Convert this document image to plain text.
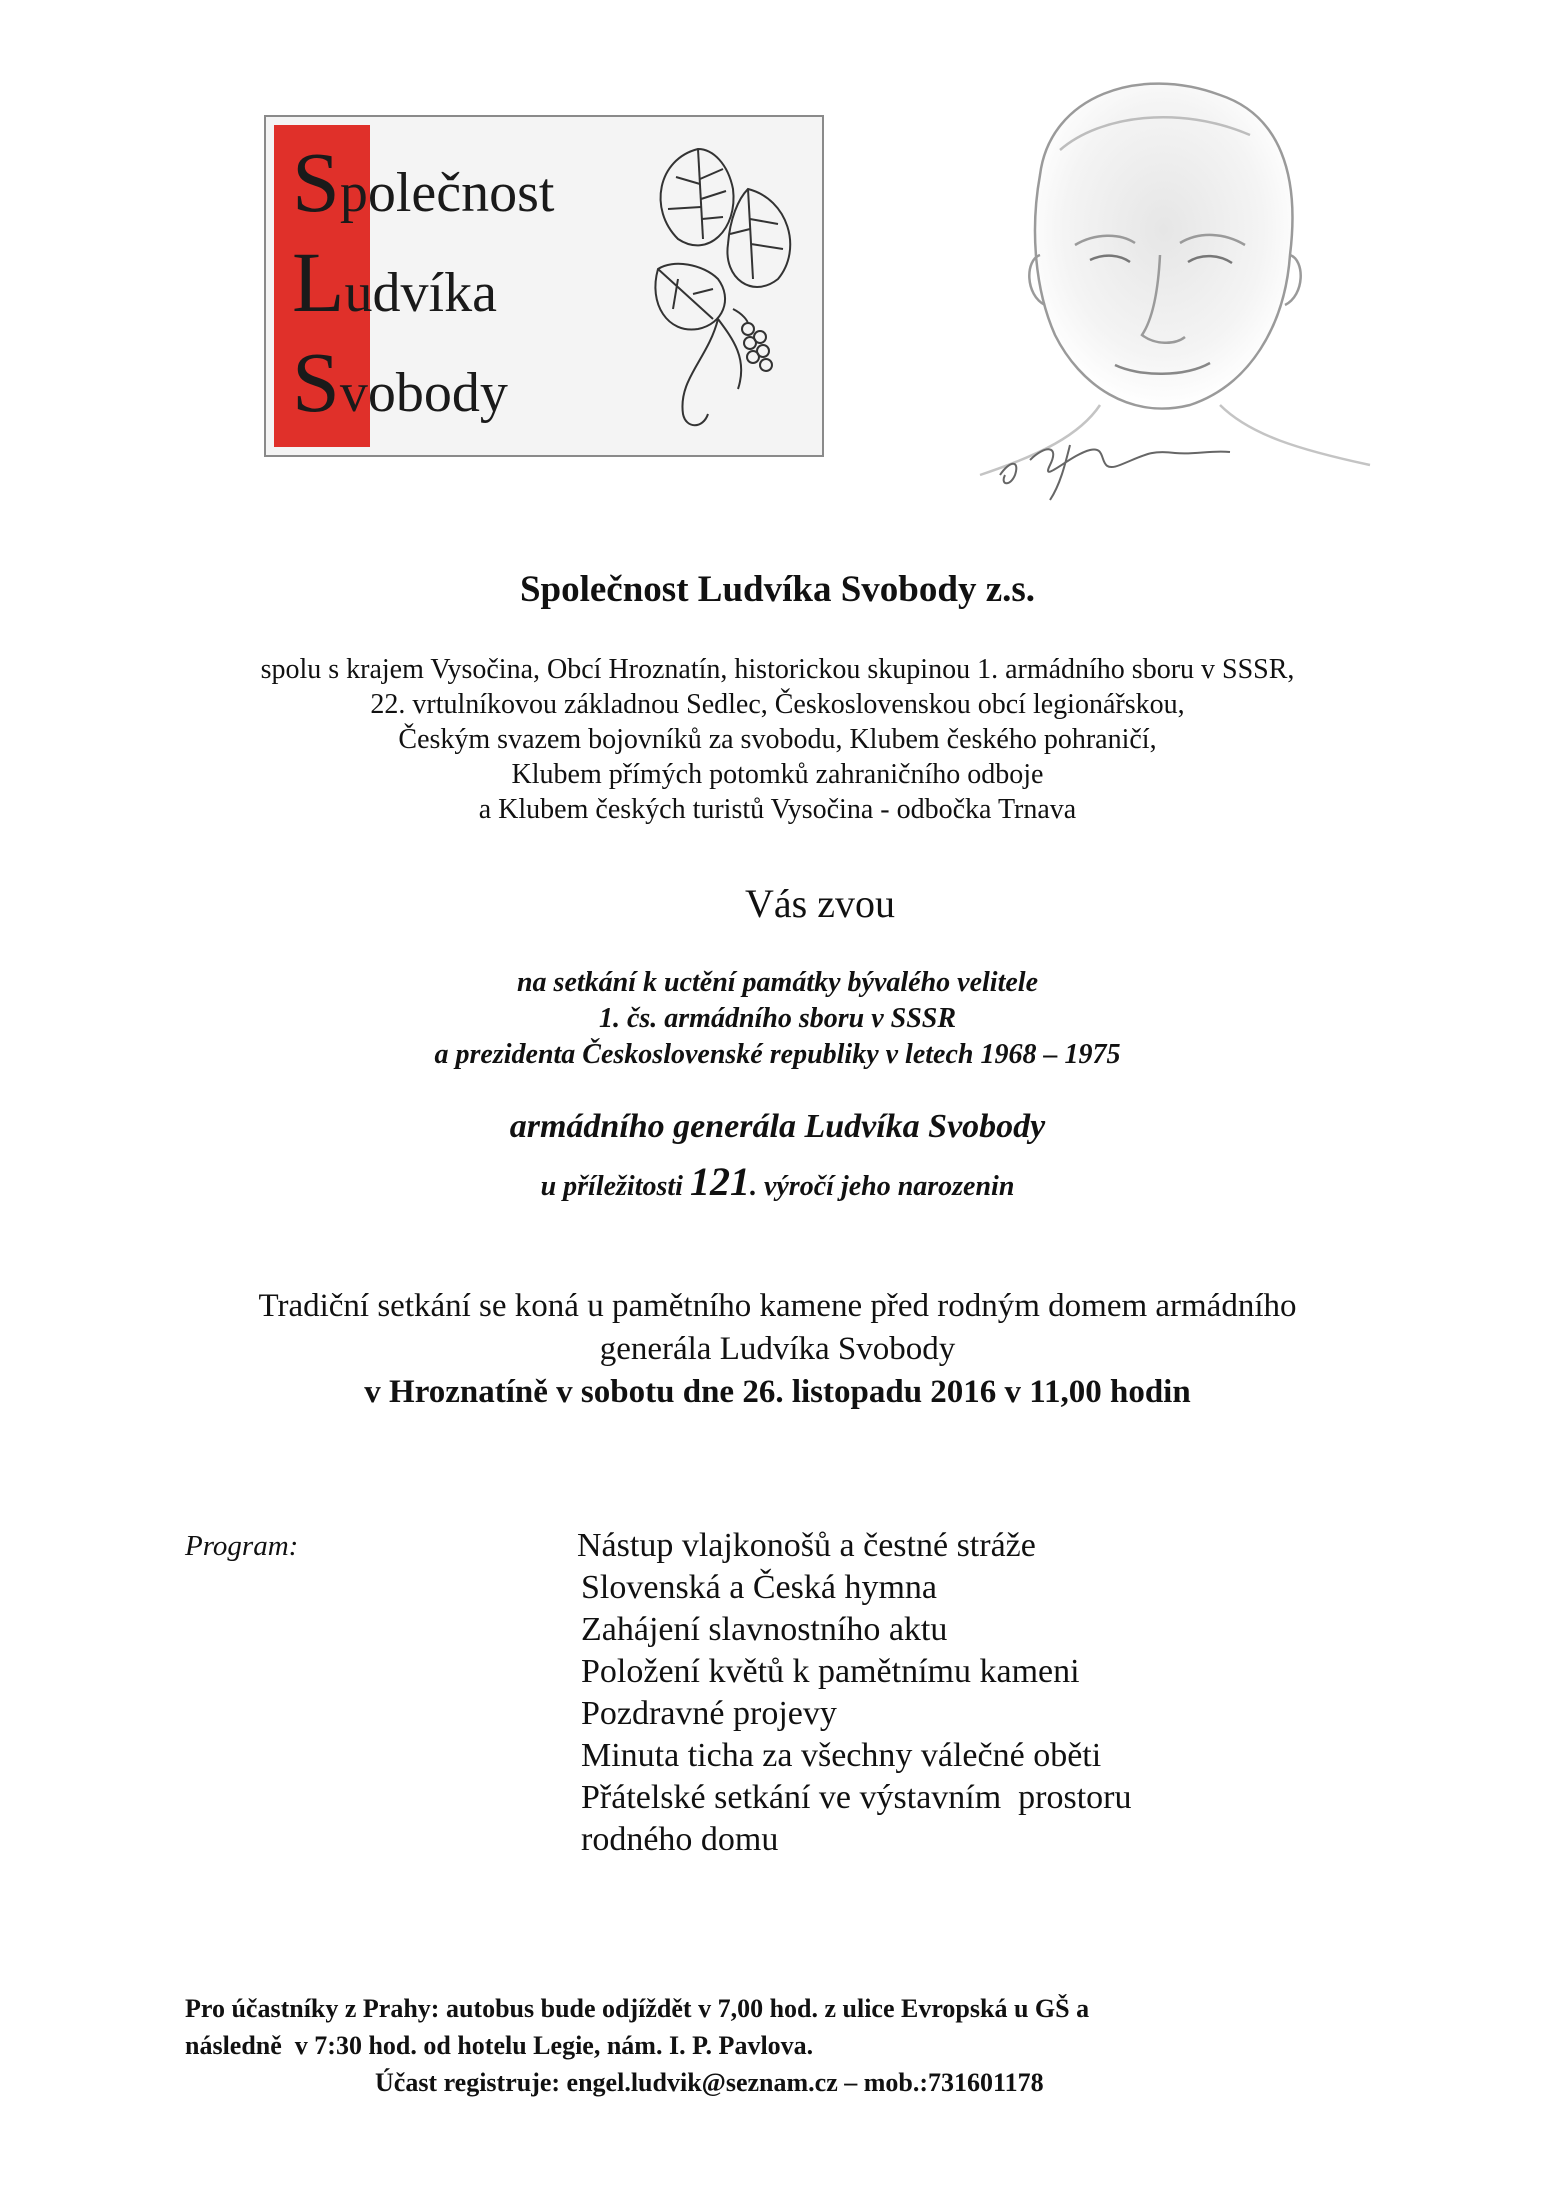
Společnost
Ludvíka
Svobody
Společnost Ludvíka Svobody z.s.
spolu s krajem Vysočina, Obcí Hroznatín, historickou skupinou 1. armádního sboru v SSSR,
22. vrtulníkovou základnou Sedlec, Československou obcí legionářskou,
Českým svazem bojovníků za svobodu, Klubem českého pohraničí,
Klubem přímých potomků zahraničního odboje
a Klubem českých turistů Vysočina - odbočka Trnava
Vás zvou
na setkání k uctění památky bývalého velitele
1. čs. armádního sboru v SSSR
a prezidenta Československé republiky v letech 1968 – 1975
armádního generála Ludvíka Svobody
u příležitosti 121. výročí jeho narozenin
Tradiční setkání se koná u pamětního kamene před rodným domem armádního
generála Ludvíka Svobody
v Hroznatíně v sobotu dne 26. listopadu 2016 v 11,00 hodin
Program:	Nástup vlajkonošů a čestné stráže
Slovenská a Česká hymna
Zahájení slavnostního aktu
Položení květů k pamětnímu kameni
Pozdravné projevy
Minuta ticha za všechny válečné oběti
Přátelské setkání ve výstavním  prostoru
rodného domu
Pro účastníky z Prahy: autobus bude odjíždět v 7,00 hod. z ulice Evropská u GŠ a
následně  v 7:30 hod. od hotelu Legie, nám. I. P. Pavlova.
Účast registruje: engel.ludvik@seznam.cz – mob.:731601178
